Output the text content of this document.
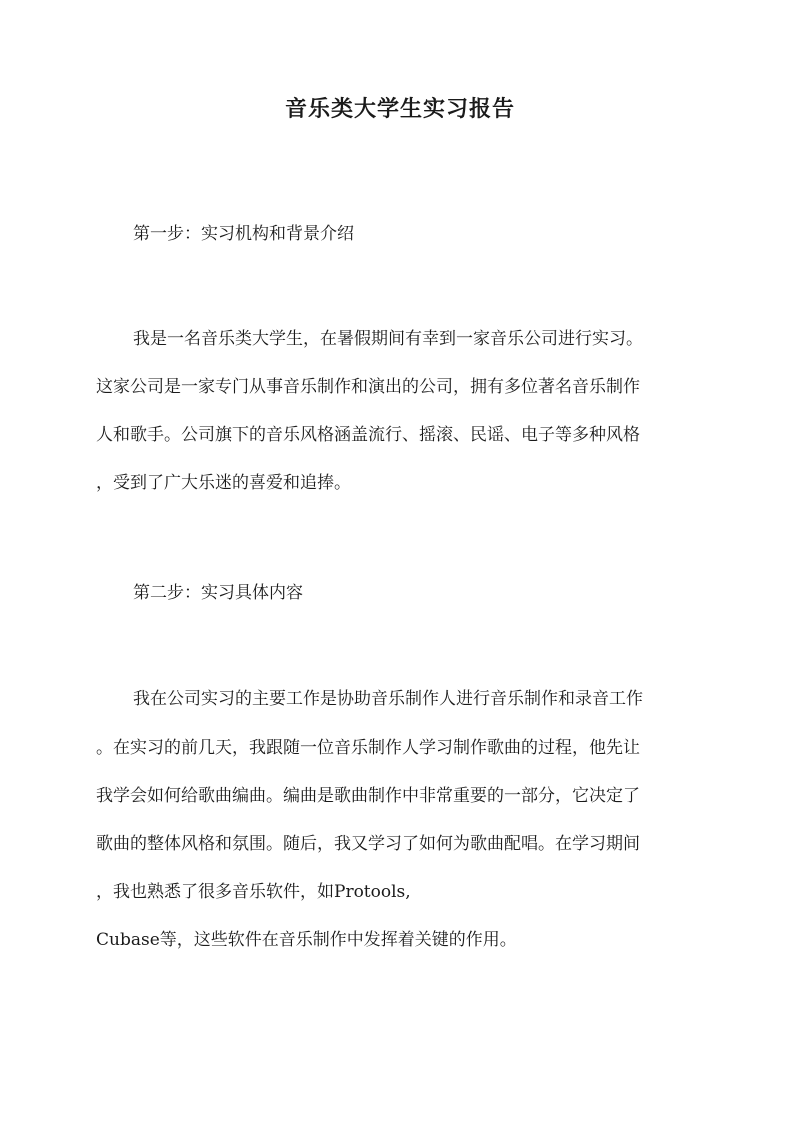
音乐类大学生实习报告

第一步：实习机构和背景介绍

我是一名音乐类大学生，在暑假期间有幸到一家音乐公司进行实习。

这家公司是一家专门从事音乐制作和演出的公司，拥有多位著名音乐制作

人和歌手。公司旗下的音乐风格涵盖流行、摇滚、民谣、电子等多种风格

，受到了广大乐迷的喜爱和追捧。

第二步：实习具体内容

我在公司实习的主要工作是协助音乐制作人进行音乐制作和录音工作

。在实习的前几天，我跟随一位音乐制作人学习制作歌曲的过程，他先让

我学会如何给歌曲编曲。编曲是歌曲制作中非常重要的一部分，它决定了

歌曲的整体风格和氛围。随后，我又学习了如何为歌曲配唱。在学习期间

，我也熟悉了很多音乐软件，如Protools,

Cubase等，这些软件在音乐制作中发挥着关键的作用。
